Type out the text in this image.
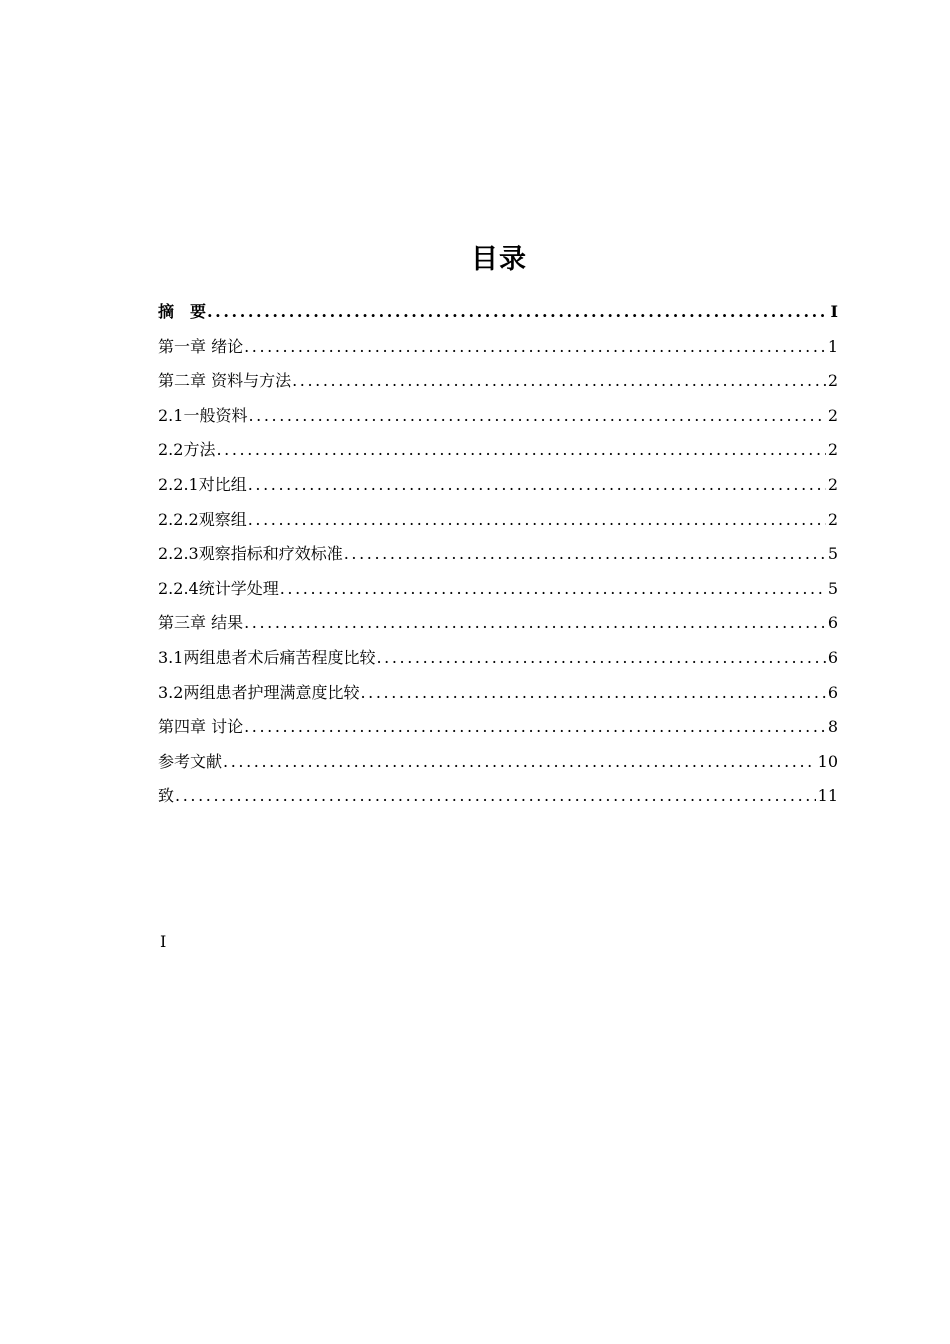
目录
摘　要 .....	I
第一章 绪论 .....	1
第二章 资料与方法 .....	2
2.1一般资料 .....	2
2.2方法 .....	2
2.2.1对比组 .....	2
2.2.2观察组 .....	2
2.2.3观察指标和疗效标准 .....	5
2.2.4统计学处理 .....	5
第三章 结果 .....	6
3.1两组患者术后痛苦程度比较 .....	6
3.2两组患者护理满意度比较 .....	6
第四章 讨论 .....	8
参考文献 .....	10
致 .....	11
I
